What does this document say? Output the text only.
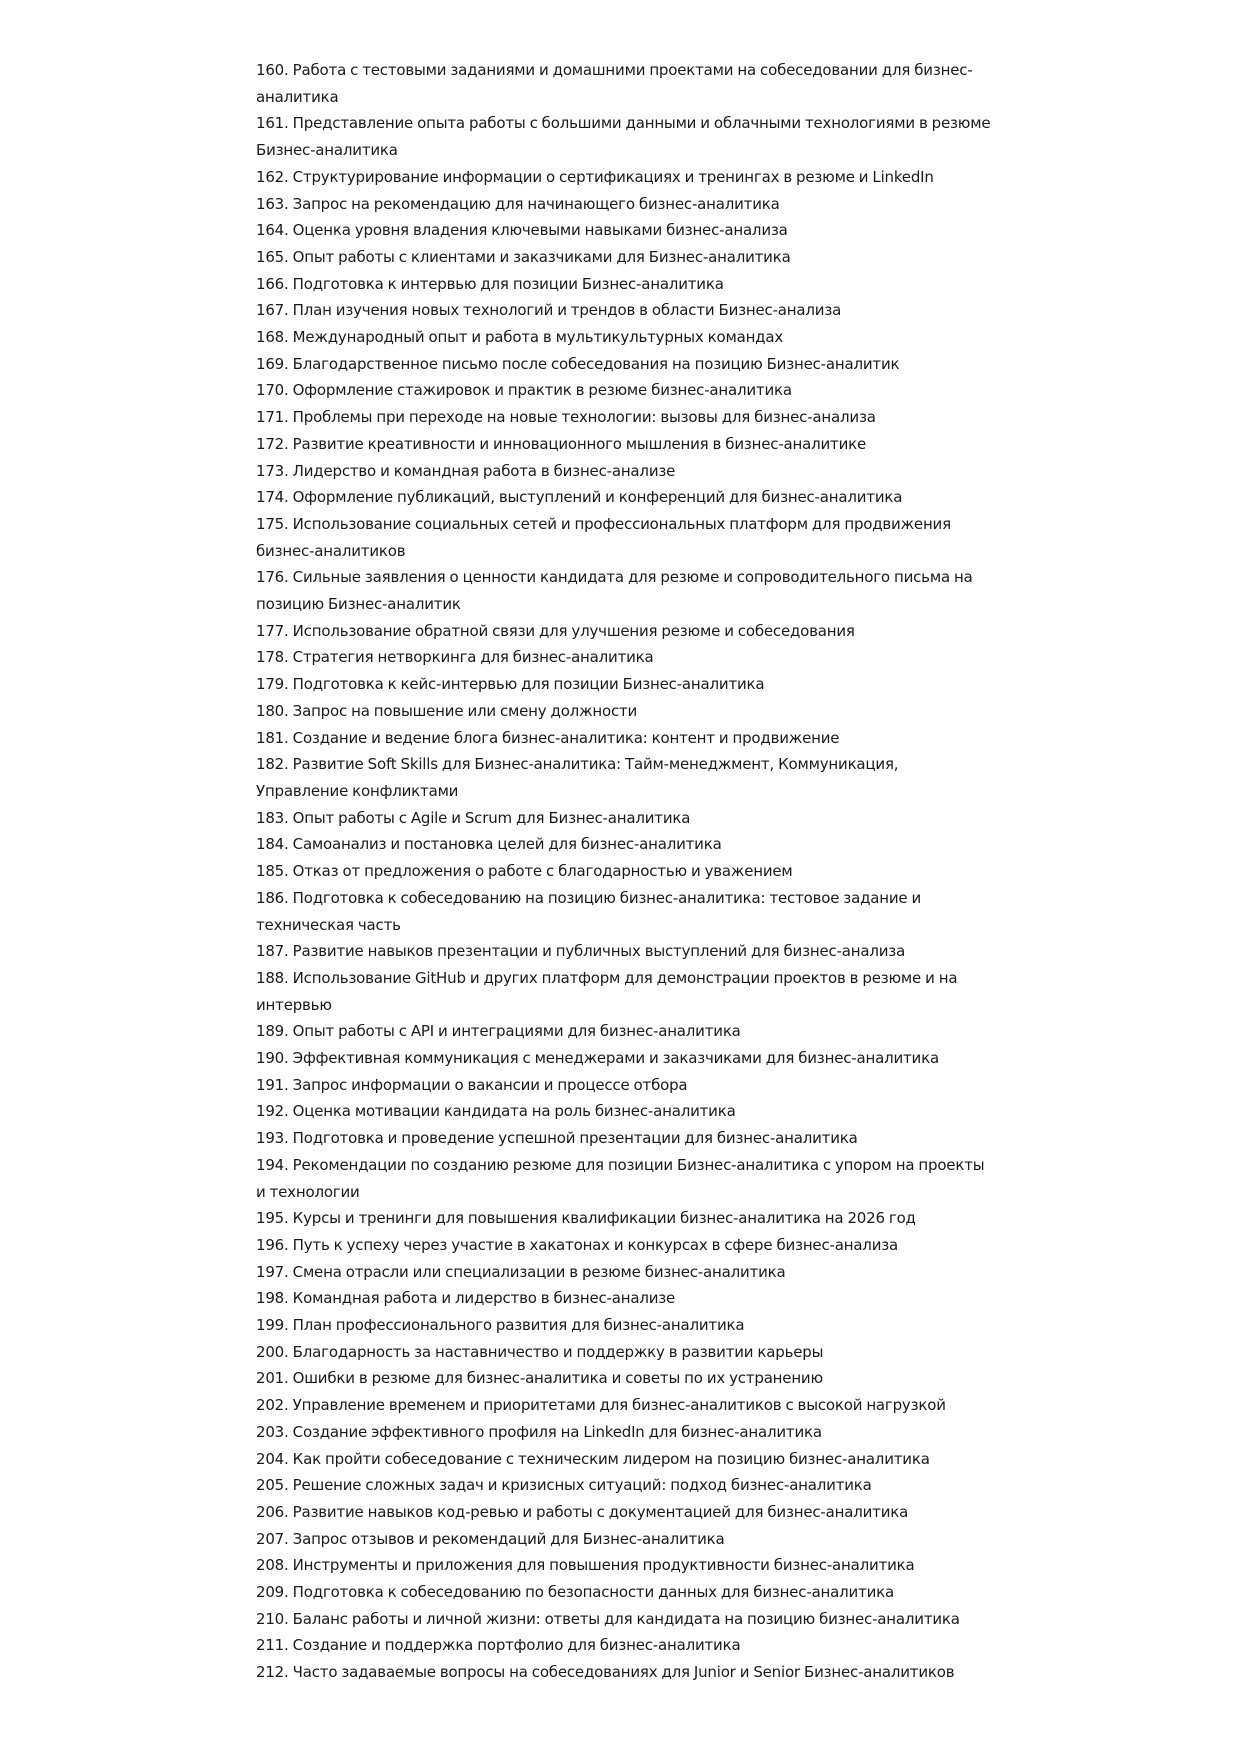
160. Работа с тестовыми заданиями и домашними проектами на собеседовании для бизнес-аналитика
161. Представление опыта работы с большими данными и облачными технологиями в резюме Бизнес-аналитика
162. Структурирование информации о сертификациях и тренингах в резюме и LinkedIn
163. Запрос на рекомендацию для начинающего бизнес-аналитика
164. Оценка уровня владения ключевыми навыками бизнес-анализа
165. Опыт работы с клиентами и заказчиками для Бизнес-аналитика
166. Подготовка к интервью для позиции Бизнес-аналитика
167. План изучения новых технологий и трендов в области Бизнес-анализа
168. Международный опыт и работа в мультикультурных командах
169. Благодарственное письмо после собеседования на позицию Бизнес-аналитик
170. Оформление стажировок и практик в резюме бизнес-аналитика
171. Проблемы при переходе на новые технологии: вызовы для бизнес-анализа
172. Развитие креативности и инновационного мышления в бизнес-аналитике
173. Лидерство и командная работа в бизнес-анализе
174. Оформление публикаций, выступлений и конференций для бизнес-аналитика
175. Использование социальных сетей и профессиональных платформ для продвижения бизнес-аналитиков
176. Сильные заявления о ценности кандидата для резюме и сопроводительного письма на позицию Бизнес-аналитик
177. Использование обратной связи для улучшения резюме и собеседования
178. Стратегия нетворкинга для бизнес-аналитика
179. Подготовка к кейс-интервью для позиции Бизнес-аналитика
180. Запрос на повышение или смену должности
181. Создание и ведение блога бизнес-аналитика: контент и продвижение
182. Развитие Soft Skills для Бизнес-аналитика: Тайм-менеджмент, Коммуникация, Управление конфликтами
183. Опыт работы с Agile и Scrum для Бизнес-аналитика
184. Самоанализ и постановка целей для бизнес-аналитика
185. Отказ от предложения о работе с благодарностью и уважением
186. Подготовка к собеседованию на позицию бизнес-аналитика: тестовое задание и техническая часть
187. Развитие навыков презентации и публичных выступлений для бизнес-анализа
188. Использование GitHub и других платформ для демонстрации проектов в резюме и на интервью
189. Опыт работы с API и интеграциями для бизнес-аналитика
190. Эффективная коммуникация с менеджерами и заказчиками для бизнес-аналитика
191. Запрос информации о вакансии и процессе отбора
192. Оценка мотивации кандидата на роль бизнес-аналитика
193. Подготовка и проведение успешной презентации для бизнес-аналитика
194. Рекомендации по созданию резюме для позиции Бизнес-аналитика с упором на проекты и технологии
195. Курсы и тренинги для повышения квалификации бизнес-аналитика на 2026 год
196. Путь к успеху через участие в хакатонах и конкурсах в сфере бизнес-анализа
197. Смена отрасли или специализации в резюме бизнес-аналитика
198. Командная работа и лидерство в бизнес-анализе
199. План профессионального развития для бизнес-аналитика
200. Благодарность за наставничество и поддержку в развитии карьеры
201. Ошибки в резюме для бизнес-аналитика и советы по их устранению
202. Управление временем и приоритетами для бизнес-аналитиков с высокой нагрузкой
203. Создание эффективного профиля на LinkedIn для бизнес-аналитика
204. Как пройти собеседование с техническим лидером на позицию бизнес-аналитика
205. Решение сложных задач и кризисных ситуаций: подход бизнес-аналитика
206. Развитие навыков код-ревью и работы с документацией для бизнес-аналитика
207. Запрос отзывов и рекомендаций для Бизнес-аналитика
208. Инструменты и приложения для повышения продуктивности бизнес-аналитика
209. Подготовка к собеседованию по безопасности данных для бизнес-аналитика
210. Баланс работы и личной жизни: ответы для кандидата на позицию бизнес-аналитика
211. Создание и поддержка портфолио для бизнес-аналитика
212. Часто задаваемые вопросы на собеседованиях для Junior и Senior Бизнес-аналитиков
